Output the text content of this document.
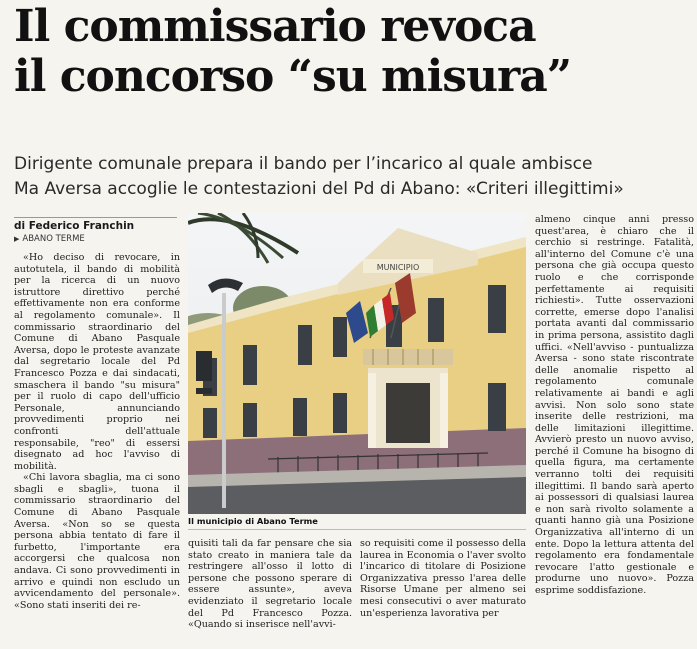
Il commissario revoca
il concorso “su misura”
Dirigente comunale prepara il bando per l’incarico al quale ambisce
Ma Aversa accoglie le contestazioni del Pd di Abano: «Criteri illegittimi»
di Federico Franchin
▶ ABANO TERME

«Ho deciso di revocare, in autotutela, il bando di mobilità per la ricerca di un nuovo istruttore direttivo perché effettivamente non era conforme al regolamento comunale». Il commissario straordinario del Comune di Abano Pasquale Aversa, dopo le proteste avanzate dal segretario locale del Pd Francesco Pozza e dai sindacati, smaschera il bando "su misura" per il ruolo di capo dell'ufficio Personale, annunciando provvedimenti proprio nei confronti dell'attuale responsabile, "reo" di essersi disegnato ad hoc l'avviso di mobilità.

«Chi lavora sbaglia, ma ci sono sbagli e sbagli», tuona il commissario straordinario del Comune di Abano Pasquale Aversa. «Non so se questa persona abbia tentato di fare il furbetto, l'importante era accorgersi che qualcosa non andava. Ci sono provvedimenti in arrivo e quindi non escludo un avvicendamento del personale». «Sono stati inseriti dei re-

MUNICIPIO
Il municipio di Abano Terme

quisiti tali da far pensare che sia stato creato in maniera tale da restringere all'osso il lotto di persone che possono sperare di essere assunte», aveva evidenziato il segretario locale del Pd Francesco Pozza. «Quando si inserisce nell'avvi-

so requisiti come il possesso della laurea in Economia o l'aver svolto l'incarico di titolare di Posizione Organizzativa presso l'area delle Risorse Umane per almeno sei mesi consecutivi o aver maturato un'esperienza lavorativa per

almeno cinque anni presso quest'area, è chiaro che il cerchio si restringe. Fatalità, all'interno del Comune c'è una persona che già occupa questo ruolo e che corrisponde perfettamente ai requisiti richiesti». Tutte osservazioni corrette, emerse dopo l'analisi portata avanti dal commissario in prima persona, assistito dagli uffici. «Nell'avviso - puntualizza Aversa - sono state riscontrate delle anomalie rispetto al regolamento comunale relativamente ai bandi e agli avvisi. Non solo sono state inserite delle restrizioni, ma delle limitazioni illegittime. Avvierò presto un nuovo avviso, perché il Comune ha bisogno di quella figura, ma certamente verranno tolti dei requisiti illegittimi. Il bando sarà aperto ai possessori di qualsiasi laurea e non sarà rivolto solamente a quanti hanno già una Posizione Organizzativa all'interno di un ente. Dopo la lettura attenta del regolamento era fondamentale revocare l'atto gestionale e produrne uno nuovo». Pozza esprime soddisfazione.
